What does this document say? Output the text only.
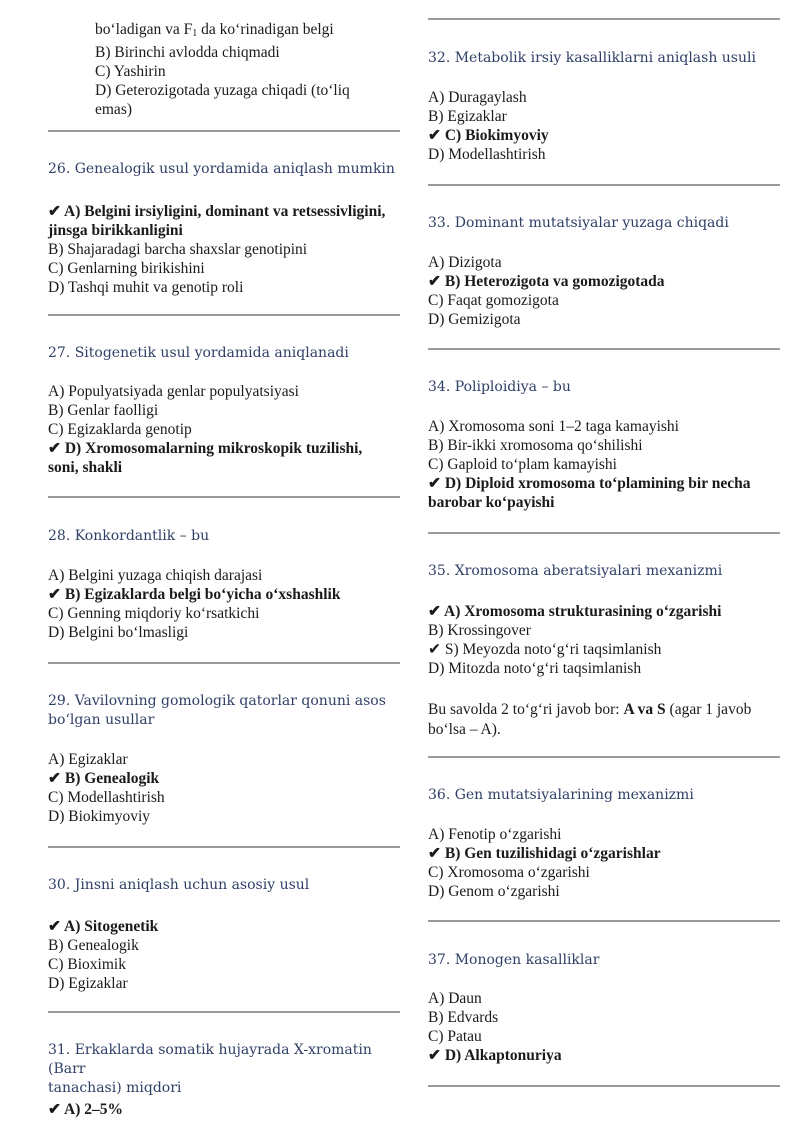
bo‘ladigan va $F_1$ da ko‘rinadigan belgi
B) Birinchi avlodda chiqmadi
C) Yashirin
D) Geterozigotada yuzaga chiqadi (to‘liq
emas)
26. Genealogik usul yordamida aniqlash mumkin
✔ A) Belgini irsiyligini, dominant va retsessivligini,
jinsga birikkanligini
B) Shajaradagi barcha shaxslar genotipini
C) Genlarning birikishini
D) Tashqi muhit va genotip roli
27. Sitogenetik usul yordamida aniqlanadi
A) Populyatsiyada genlar populyatsiyasi
B) Genlar faolligi
C) Egizaklarda genotip
✔ D) Xromosomalarning mikroskopik tuzilishi,
soni, shakli
28. Konkordantlik – bu
A) Belgini yuzaga chiqish darajasi
✔ B) Egizaklarda belgi bo‘yicha o‘xshashlik
C) Genning miqdoriy ko‘rsatkichi
D) Belgini bo‘lmasligi
29. Vavilovning gomologik qatorlar qonuni asos
bo‘lgan usullar
A) Egizaklar
✔ B) Genealogik
C) Modellashtirish
D) Biokimyoviy
30. Jinsni aniqlash uchun asosiy usul
✔ A) Sitogenetik
B) Genealogik
C) Bioximik
D) Egizaklar
31. Erkaklarda somatik hujayrada X-xromatin (Barr
tanachasi) miqdori
✔ A) 2–5%
32. Metabolik irsiy kasalliklarni aniqlash usuli
A) Duragaylash
B) Egizaklar
✔ C) Biokimyoviy
D) Modellashtirish
33. Dominant mutatsiyalar yuzaga chiqadi
A) Dizigota
✔ B) Heterozigota va gomozigotada
C) Faqat gomozigota
D) Gemizigota
34. Poliploidiya – bu
A) Xromosoma soni 1–2 taga kamayishi
B) Bir-ikki xromosoma qo‘shilishi
C) Gaploid to‘plam kamayishi
✔ D) Diploid xromosoma to‘plamining bir necha
barobar ko‘payishi
35. Xromosoma aberatsiyalari mexanizmi
✔ A) Xromosoma strukturasining o‘zgarishi
B) Krossingover
✔ S) Meyozda noto‘g‘ri taqsimlanish
D) Mitozda noto‘g‘ri taqsimlanish
Bu savolda 2 to‘g‘ri javob bor: A va S (agar 1 javob
bo‘lsa – A).
36. Gen mutatsiyalarining mexanizmi
A) Fenotip o‘zgarishi
✔ B) Gen tuzilishidagi o‘zgarishlar
C) Xromosoma o‘zgarishi
D) Genom o‘zgarishi
37. Monogen kasalliklar
A) Daun
B) Edvards
C) Patau
✔ D) Alkaptonuriya
